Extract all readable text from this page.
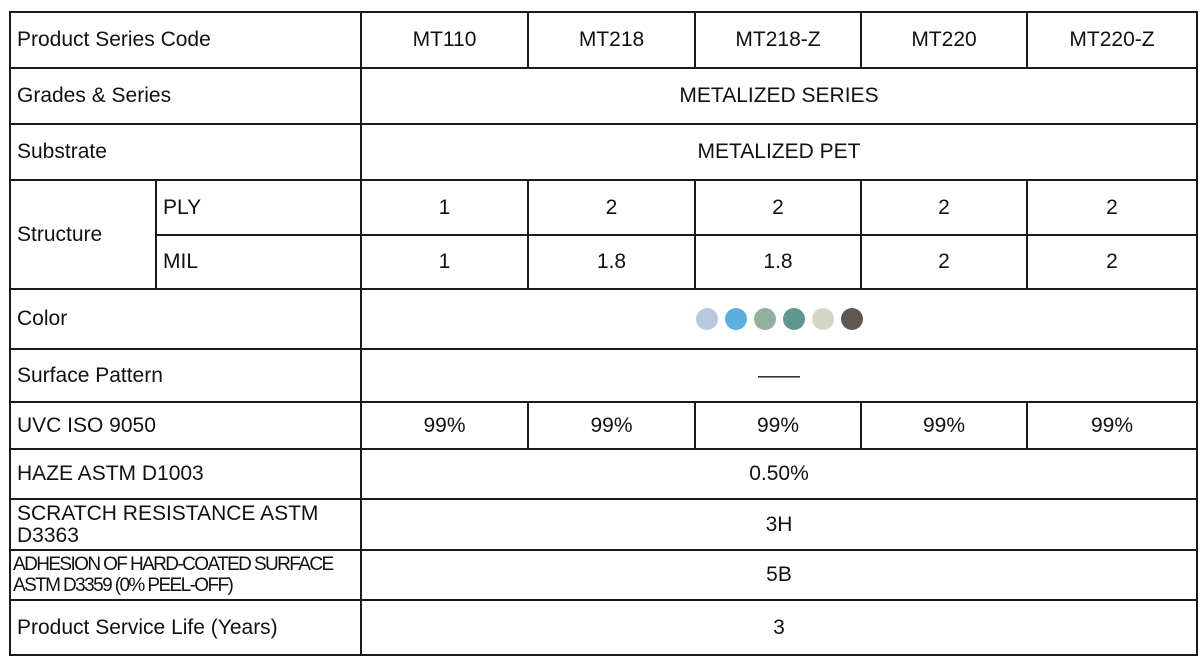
Product Series Code		MT110	MT218	MT218-Z	MT220	MT220-Z
Grades & Series		METALIZED SERIES				
Substrate		METALIZED PET				
Structure	PLY	1	2	2	2	2
	MIL	1	1.8	1.8	2	2
Color						

Surface Pattern		——				
UVC ISO 9050		99%	99%	99%	99%	99%
HAZE ASTM D1003		0.50%				
SCRATCH RESISTANCE ASTM D3363		3H				
ADHESION OF HARD-COATED SURFACE ASTM D3359 (0% PEEL-OFF)		5B				
Product Service Life (Years)		3				
